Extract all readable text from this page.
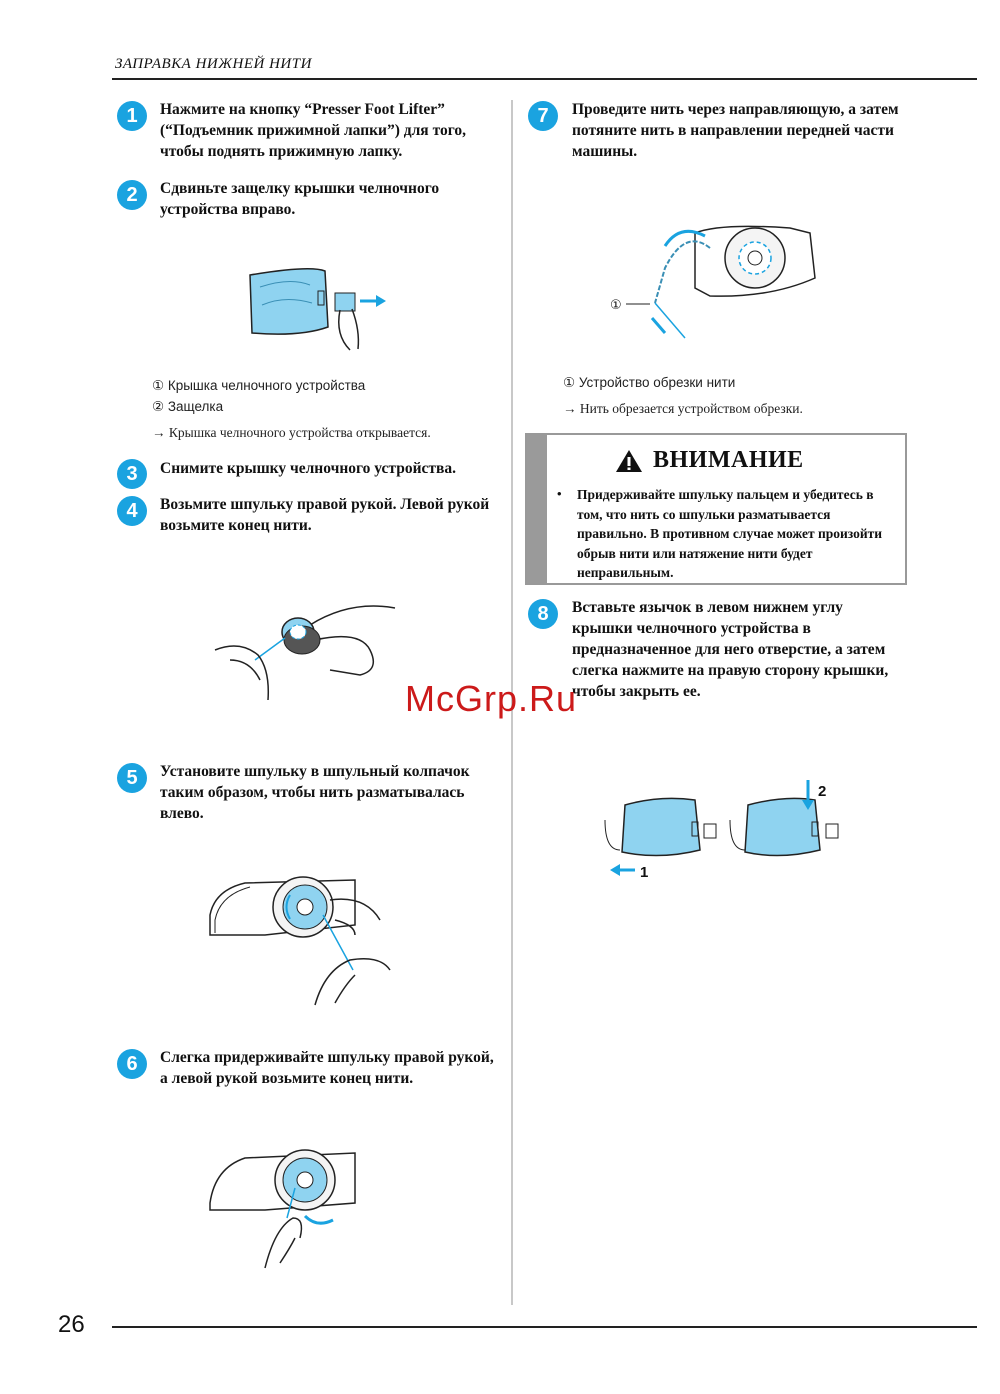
ЗАПРАВКА НИЖНЕЙ НИТИ
1	Нажмите на кнопку “Presser Foot Lifter” (“Подъемник прижимной лапки”) для того, чтобы поднять прижимную лапку.
2	Сдвиньте защелку крышки челночного устройства вправо.
① Крышка челночного устройства
② Защелка
→ Крышка челночного устройства открывается.
3	Снимите крышку челночного устройства.
4	Возьмите шпульку правой рукой. Левой рукой возьмите конец нити.
5	Установите шпульку в шпульный колпачок таким образом, чтобы нить разматывалась влево.
6	Слегка придерживайте шпульку правой рукой, а левой рукой возьмите конец нити.
7	Проведите нить через направляющую, а затем потяните нить в направлении передней части машины.
①
① Устройство обрезки нити
→ Нить обрезается устройством обрезки.
ВНИМАНИЕ
• Придерживайте шпульку пальцем и убедитесь в том, что нить со шпульки разматывается правильно. В противном случае может произойти обрыв нити или натяжение нити будет неправильным.
8	Вставьте язычок в левом нижнем углу крышки челночного устройства в предназначенное для него отверстие, а затем слегка нажмите на правую сторону крышки, чтобы закрыть ее.
1
2
McGrp.Ru
26
